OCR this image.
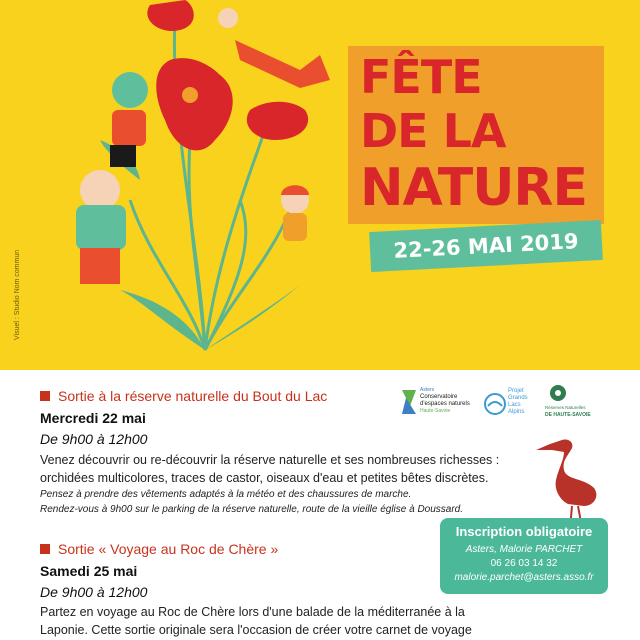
Visuel : Studio Nom commun
FÊTE
DE LA
NATURE
22-26 MAI 2019
Sortie à la réserve naturelle du Bout du Lac	Asters
Conservatoire
d'espaces naturels
Haute-Savoie
Projet
Grands
Lacs
Alpins
Réserves Naturelles
DE HAUTE-SAVOIE
Mercredi 22 mai
De 9h00 à 12h00
Venez découvrir ou re-découvrir la réserve naturelle et ses nombreuses richesses :
orchidées multicolores, traces de castor, oiseaux d'eau et petites bêtes discrètes.
Pensez à prendre des vêtements adaptés à la météo et des chaussures de marche.
Rendez-vous à 9h00 sur le parking de la réserve naturelle, route de la vieille église à Doussard.
Inscription obligatoire
Asters, Malorie PARCHET
06 26 03 14 32
malorie.parchet@asters.asso.fr
Sortie « Voyage au Roc de Chère »
Samedi 25 mai
De 9h00 à 12h00
Partez en voyage au Roc de Chère lors d'une balade de la méditerranée à la
Laponie. Cette sortie originale sera l'occasion de créer votre carnet de voyage
